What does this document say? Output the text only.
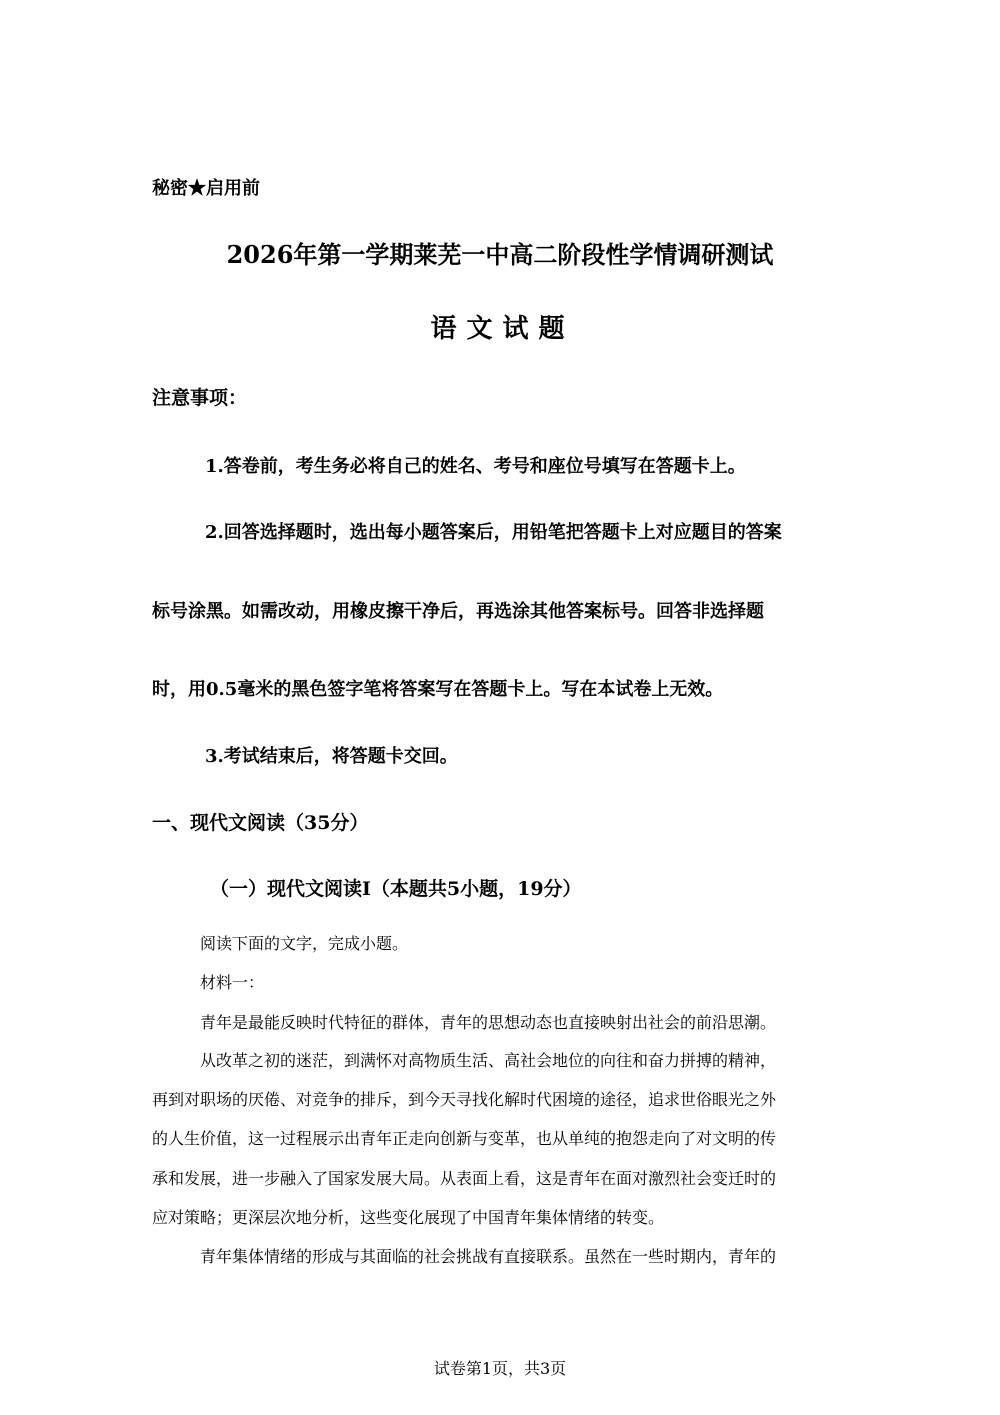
秘密★启用前
2026年第一学期莱芜一中高二阶段性学情调研测试
语文试题
注意事项：
1.答卷前，考生务必将自己的姓名、考号和座位号填写在答题卡上。
2.回答选择题时，选出每小题答案后，用铅笔把答题卡上对应题目的答案
标号涂黑。如需改动，用橡皮擦干净后，再选涂其他答案标号。回答非选择题
时，用0.5毫米的黑色签字笔将答案写在答题卡上。写在本试卷上无效。
3.考试结束后，将答题卡交回。
一、现代文阅读（35分）
（一）现代文阅读Ⅰ（本题共5小题，19分）
阅读下面的文字，完成小题。
材料一：
青年是最能反映时代特征的群体，青年的思想动态也直接映射出社会的前沿思潮。
从改革之初的迷茫，到满怀对高物质生活、高社会地位的向往和奋力拼搏的精神，
再到对职场的厌倦、对竞争的排斥，到今天寻找化解时代困境的途径，追求世俗眼光之外
的人生价值，这一过程展示出青年正走向创新与变革，也从单纯的抱怨走向了对文明的传
承和发展，进一步融入了国家发展大局。从表面上看，这是青年在面对激烈社会变迁时的
应对策略；更深层次地分析，这些变化展现了中国青年集体情绪的转变。
青年集体情绪的形成与其面临的社会挑战有直接联系。虽然在一些时期内，青年的
试卷第1页，共3页
